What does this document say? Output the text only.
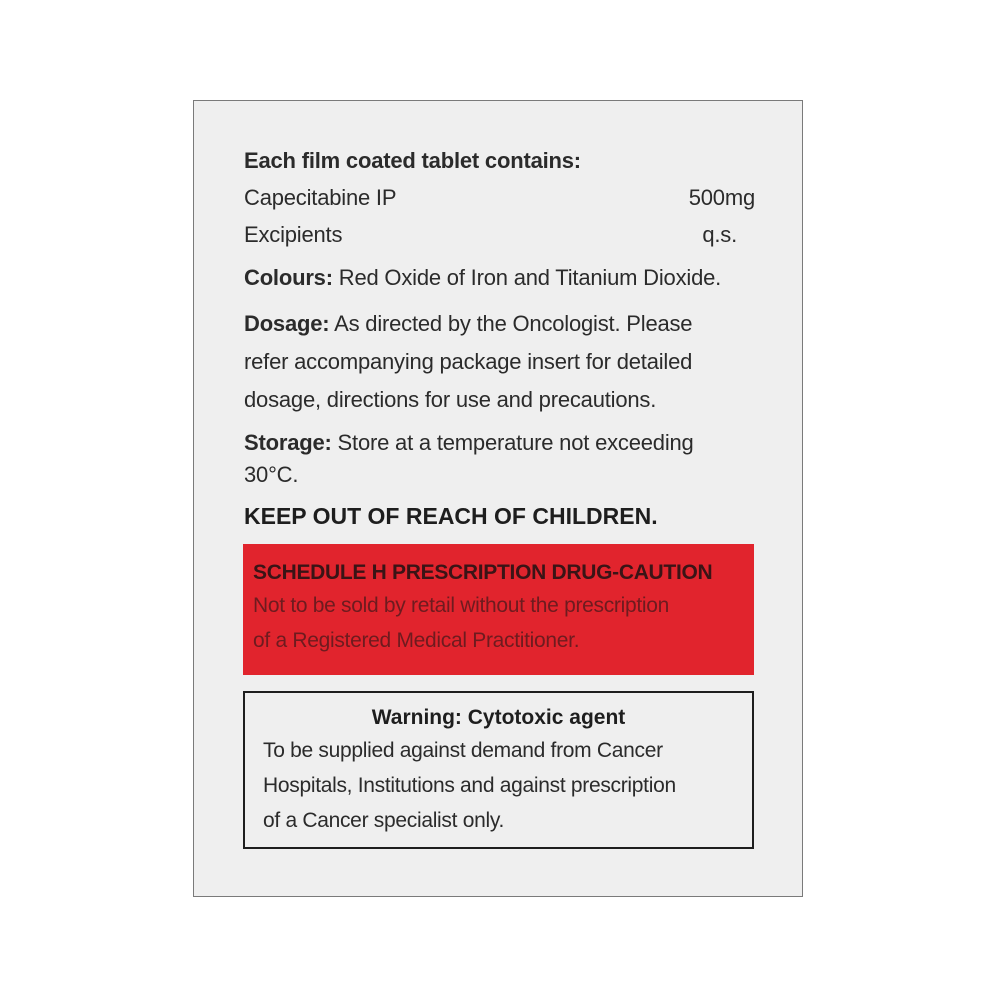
Each film coated tablet contains:
Capecitabine IP	500mg
Excipients	q.s.
Colours: Red Oxide of Iron and Titanium Dioxide.
Dosage: As directed by the Oncologist. Please
refer accompanying package insert for detailed
dosage, directions for use and precautions.
Storage: Store at a temperature not exceeding
30°C.
KEEP OUT OF REACH OF CHILDREN.
SCHEDULE H PRESCRIPTION DRUG-CAUTION
Not to be sold by retail without the prescription
of a Registered Medical Practitioner.
Warning: Cytotoxic agent
To be supplied against demand from Cancer
Hospitals, Institutions and against prescription
of a Cancer specialist only.
